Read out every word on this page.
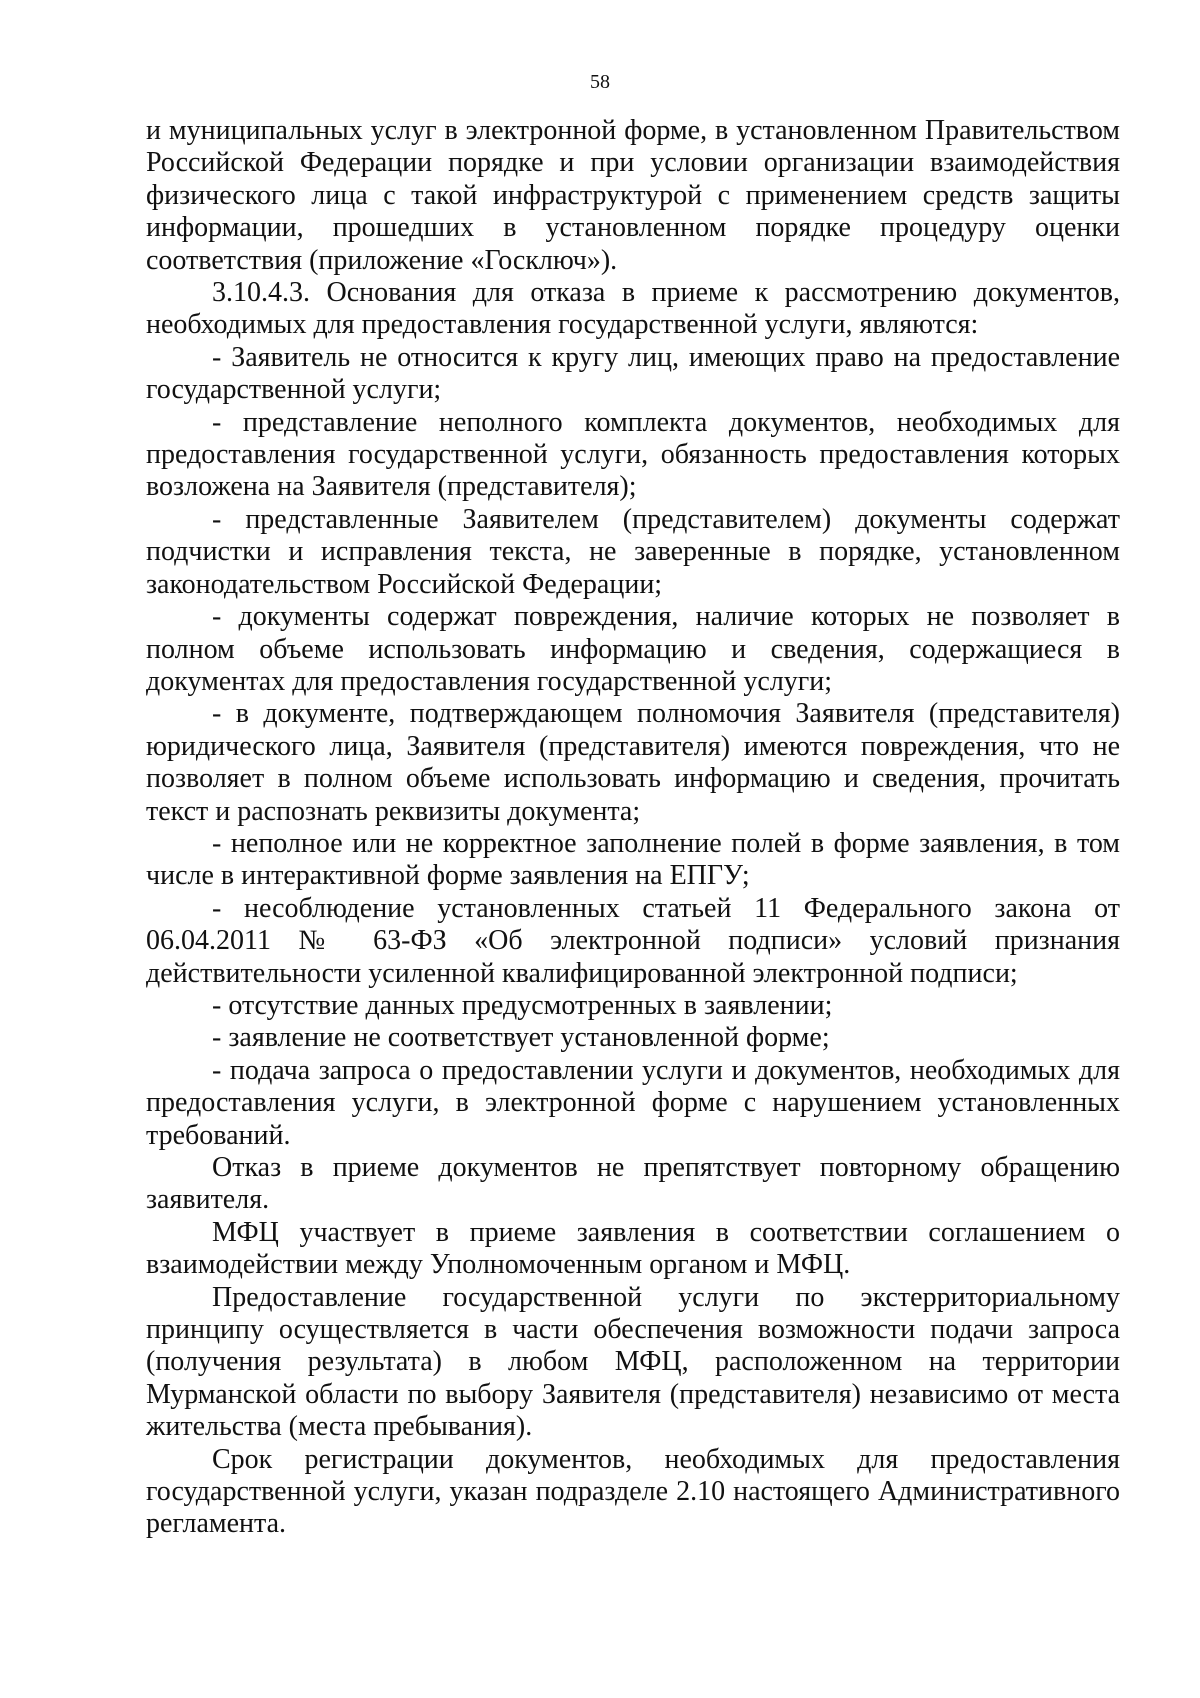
58

и муниципальных услуг в электронной форме, в установленном Правительством Российской Федерации порядке и при условии организации взаимодействия физического лица с такой инфраструктурой с применением средств защиты информации, прошедших в установленном порядке процедуру оценки соответствия (приложение «Госключ»).

3.10.4.3. Основания для отказа в приеме к рассмотрению документов, необходимых для предоставления государственной услуги, являются:

- Заявитель не относится к кругу лиц, имеющих право на предоставление государственной услуги;

- представление неполного комплекта документов, необходимых для предоставления государственной услуги, обязанность предоставления которых возложена на Заявителя (представителя);

- представленные Заявителем (представителем) документы содержат подчистки и исправления текста, не заверенные в порядке, установленном законодательством Российской Федерации;

- документы содержат повреждения, наличие которых не позволяет в полном объеме использовать информацию и сведения, содержащиеся в документах для предоставления государственной услуги;

- в документе, подтверждающем полномочия Заявителя (представителя) юридического лица, Заявителя (представителя) имеются повреждения, что не позволяет в полном объеме использовать информацию и сведения, прочитать текст и распознать реквизиты документа;

- неполное или не корректное заполнение полей в форме заявления, в том числе в интерактивной форме заявления на ЕПГУ;

- несоблюдение установленных статьей 11 Федерального закона от 06.04.2011 № 63-ФЗ «Об электронной подписи» условий признания действительности усиленной квалифицированной электронной подписи;

- отсутствие данных предусмотренных в заявлении;

- заявление не соответствует установленной форме;

- подача запроса о предоставлении услуги и документов, необходимых для предоставления услуги, в электронной форме с нарушением установленных требований.

Отказ в приеме документов не препятствует повторному обращению заявителя.

МФЦ участвует в приеме заявления в соответствии соглашением о взаимодействии между Уполномоченным органом и МФЦ.

Предоставление государственной услуги по экстерриториальному принципу осуществляется в части обеспечения возможности подачи запроса (получения результата) в любом МФЦ, расположенном на территории Мурманской области по выбору Заявителя (представителя) независимо от места жительства (места пребывания).

Срок регистрации документов, необходимых для предоставления государственной услуги, указан подразделе 2.10 настоящего Административного регламента.
